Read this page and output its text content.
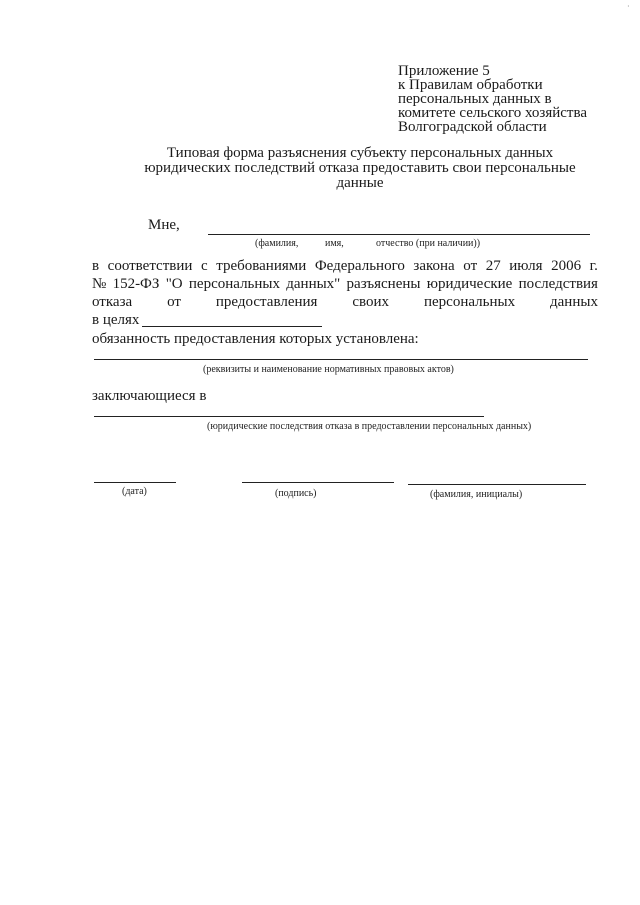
·
Приложение 5
к Правилам обработки
персональных данных в
комитете сельского хозяйства
Волгоградской области
Типовая форма разъяснения субъекту персональных данных
юридических последствий отказа предоставить свои персональные
данные
Мне,
(фамилия,	имя,	отчество (при наличии))
в соответствии с требованиями Федерального закона от 27 июля 2006 г.
№ 152-ФЗ "О персональных данных" разъяснены юридические последствия
отказа от предоставления своих персональных данных
в целях
обязанность предоставления которых установлена:
(реквизиты и наименование нормативных правовых актов)
заключающиеся в
(юридические последствия отказа в предоставлении персональных данных)
(дата)	(подпись)	(фамилия, инициалы)
